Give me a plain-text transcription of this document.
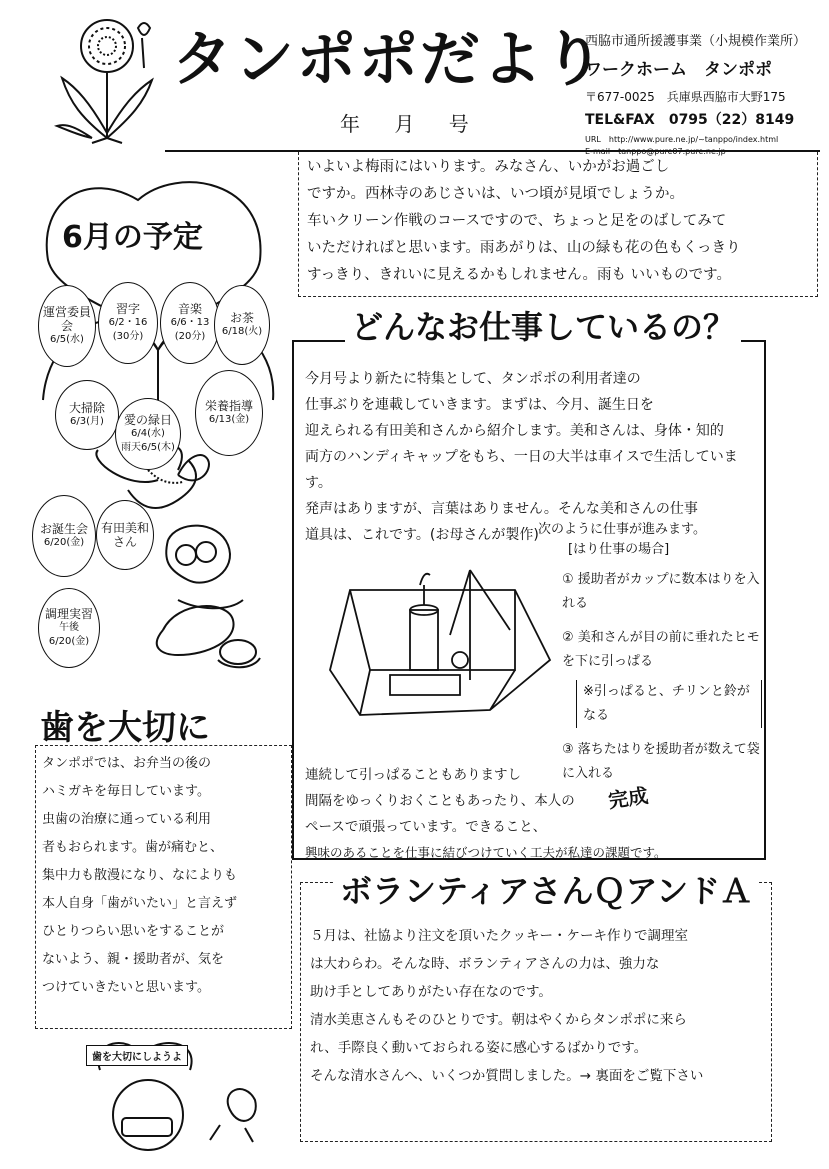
タンポポだより
年 月 号
西脇市通所援護事業（小規模作業所）
ワークホーム　タンポポ
〒677-0025　兵庫県西脇市大野175
TEL&FAX　0795（22）8149
URL　http://www.pure.ne.jp/~tanppo/index.html

いよいよ梅雨にはいります。みなさん、いかがお過ごし

ですか。西林寺のあじさいは、いつ頃が見頃でしょうか。

车いクリーン作戦のコースですので、ちょっと足をのばしてみて

いただければと思います。雨あがりは、山の緑も花の色もくっきり

すっきり、きれいに見えるかもしれません。雨も いいものです。

6月の予定
運営委員会
6/5(水)
習字
6/2・16
(30分)
音楽
6/6・13
(20分)
お茶
6/18(火)
大掃除
6/3(月) 愛の緑日
6/4(水)
雨天6/5(木)
栄養指導
6/13(金)
お誕生会
6/20(金)
有田美和さん
調理実習
午後
6/20(金)
どんなお仕事しているの？

今月号より新たに特集として、タンポポの利用者達の

仕事ぶりを連載していきます。まずは、今月、誕生日を

迎えられる有田美和さんから紹介します。美和さんは、身体・知的

両方のハンディキャップをもち、一日の大半は車イスで生活しています。

発声はありますが、言葉はありません。そんな美和さんの仕事

道具は、これです。(お母さんが製作) 次のように仕事が進みます。
[はり仕事の場合]

① 援助者がカップに数本はりを入れる

② 美和さんが目の前に垂れたヒモを下に引っぱる

※引っぱると、チリンと鈴がなる

③ 落ちたはりを援助者が数えて袋に入れる

完成

連続して引っぱることもありますし

間隔をゆっくりおくこともあったり、本人の

ペースで頑張っています。できること、

興味のあることを仕事に結びつけていく工夫が私達の課題です。

歯を大切に

タンポポでは、お弁当の後の

ハミガキを毎日しています。

虫歯の治療に通っている利用

者もおられます。歯が痛むと、

集中力も散漫になり、なによりも

本人自身「歯がいたい」と言えず

ひとりつらい思いをすることが

ないよう、親・援助者が、気を

つけていきたいと思います。

歯を大切にしようよ
ボランティアさんＱアンドＡ

５月は、社協より注文を頂いたクッキー・ケーキ作りで調理室

は大わらわ。そんな時、ボランティアさんの力は、強力な

助け手としてありがたい存在なのです。

清水美恵さんもそのひとりです。朝はやくからタンポポに来ら

れ、手際良く動いておられる姿に感心するばかりです。

そんな清水さんへ、いくつか質問しました。→ 裏面をご覧下さい
